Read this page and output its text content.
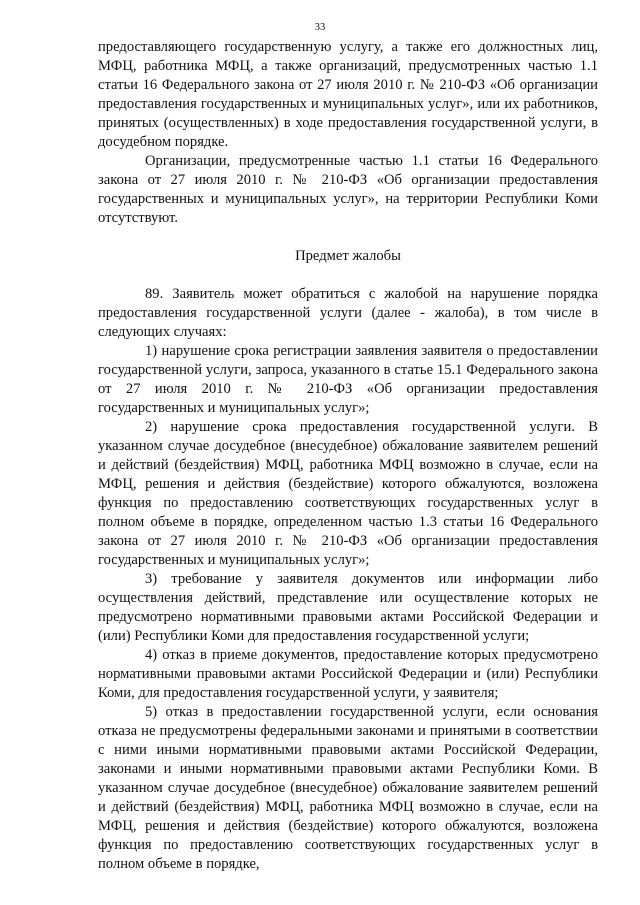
33

предоставляющего государственную услугу, а также его должностных лиц, МФЦ, работника МФЦ, а также организаций, предусмотренных частью 1.1 статьи 16 Федерального закона от 27 июля 2010 г. № 210-ФЗ «Об организации предоставления государственных и муниципальных услуг», или их работников, принятых (осуществленных) в ходе предоставления государственной услуги, в досудебном порядке.

Организации, предусмотренные частью 1.1 статьи 16 Федерального закона от 27 июля 2010 г. № 210-ФЗ «Об организации предоставления государственных и муниципальных услуг», на территории Республики Коми отсутствуют.

Предмет жалобы

89. Заявитель может обратиться с жалобой на нарушение порядка предоставления государственной услуги (далее - жалоба), в том числе в следующих случаях:

1) нарушение срока регистрации заявления заявителя о предоставлении государственной услуги, запроса, указанного в статье 15.1 Федерального закона от 27 июля 2010 г. № 210-ФЗ «Об организации предоставления государственных и муниципальных услуг»;

2) нарушение срока предоставления государственной услуги. В указанном случае досудебное (внесудебное) обжалование заявителем решений и действий (бездействия) МФЦ, работника МФЦ возможно в случае, если на МФЦ, решения и действия (бездействие) которого обжалуются, возложена функция по предоставлению соответствующих государственных услуг в полном объеме в порядке, определенном частью 1.3 статьи 16 Федерального закона от 27 июля 2010 г. № 210-ФЗ «Об организации предоставления государственных и муниципальных услуг»;

3) требование у заявителя документов или информации либо осуществления действий, представление или осуществление которых не предусмотрено нормативными правовыми актами Российской Федерации и (или) Республики Коми для предоставления государственной услуги;

4) отказ в приеме документов, предоставление которых предусмотрено нормативными правовыми актами Российской Федерации и (или) Республики Коми, для предоставления государственной услуги, у заявителя;

5) отказ в предоставлении государственной услуги, если основания отказа не предусмотрены федеральными законами и принятыми в соответствии с ними иными нормативными правовыми актами Российской Федерации, законами и иными нормативными правовыми актами Республики Коми. В указанном случае досудебное (внесудебное) обжалование заявителем решений и действий (бездействия) МФЦ, работника МФЦ возможно в случае, если на МФЦ, решения и действия (бездействие) которого обжалуются, возложена функция по предоставлению соответствующих государственных услуг в полном объеме в порядке,
